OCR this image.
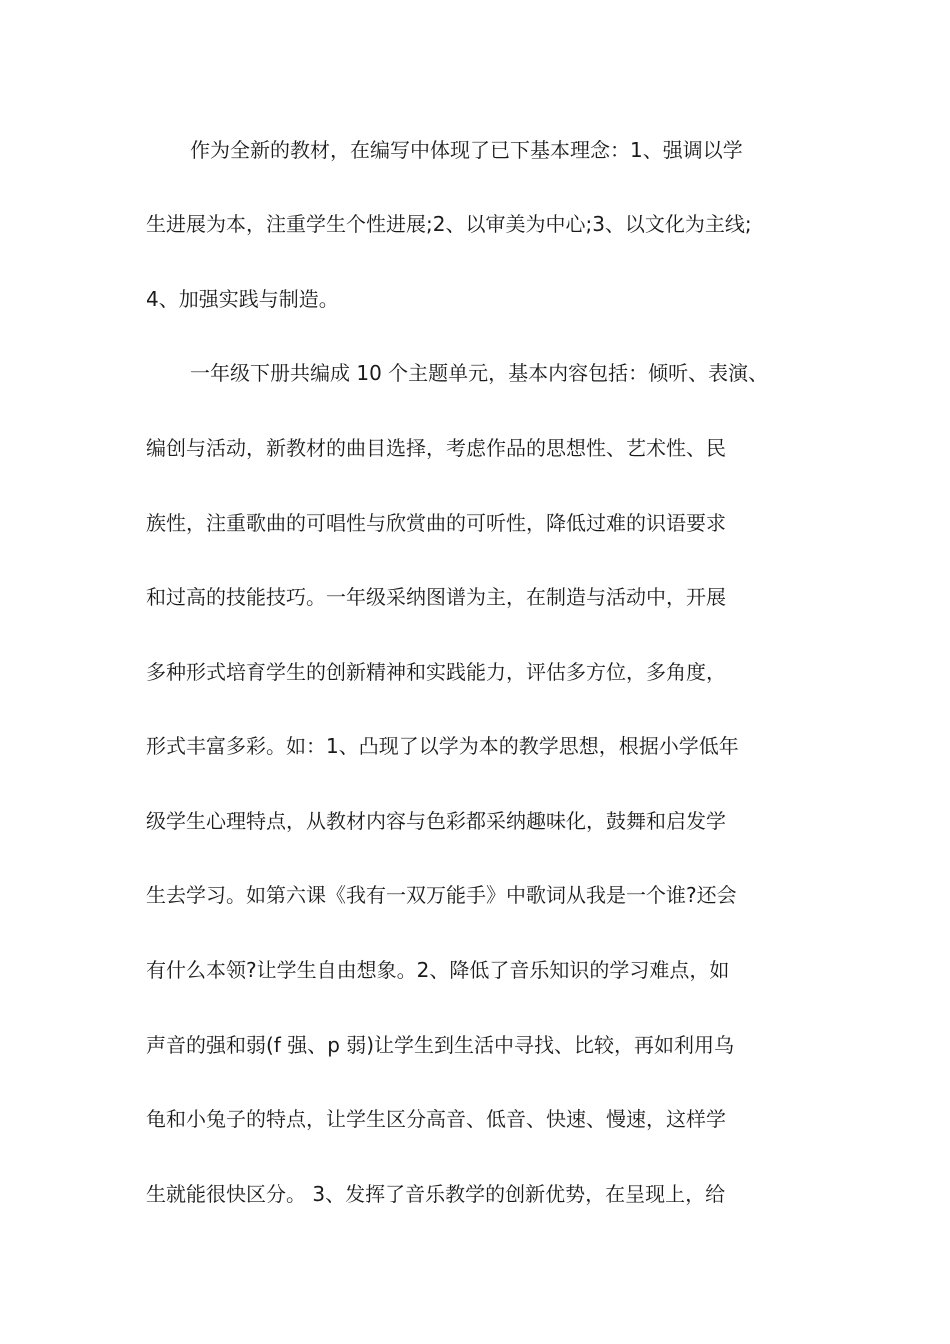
作为全新的教材，在编写中体现了已下基本理念：1、强调以学
生进展为本，注重学生个性进展;2、以审美为中心;3、以文化为主线;
4、加强实践与制造。
一年级下册共编成 10 个主题单元，基本内容包括：倾听、表演、
编创与活动，新教材的曲目选择，考虑作品的思想性、艺术性、民
族性，注重歌曲的可唱性与欣赏曲的可听性，降低过难的识语要求
和过高的技能技巧。一年级采纳图谱为主，在制造与活动中，开展
多种形式培育学生的创新精神和实践能力，评估多方位，多角度，
形式丰富多彩。如：1、凸现了以学为本的教学思想，根据小学低年
级学生心理特点，从教材内容与色彩都采纳趣味化，鼓舞和启发学
生去学习。如第六课《我有一双万能手》中歌词从我是一个谁?还会
有什么本领?让学生自由想象。2、降低了音乐知识的学习难点，如
声音的强和弱(f 强、p 弱)让学生到生活中寻找、比较，再如利用乌
龟和小兔子的特点，让学生区分高音、低音、快速、慢速，这样学
生就能很快区分。 3、发挥了音乐教学的创新优势，在呈现上，给
